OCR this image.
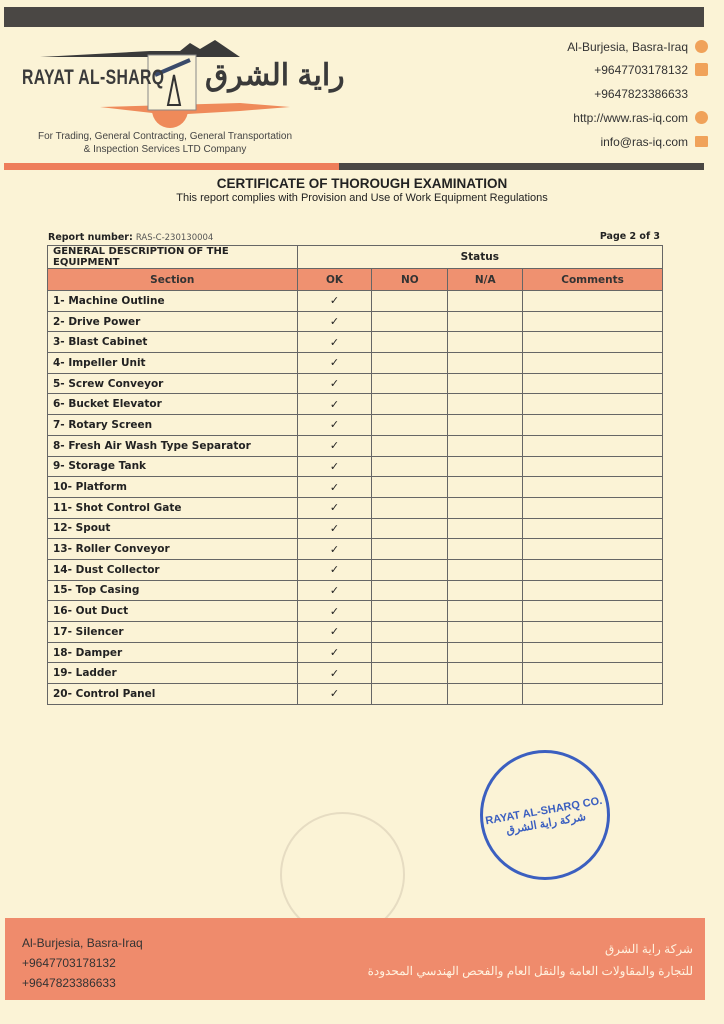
RAYAT AL-SHARQ راية الشرق
For Trading, General Contracting, General Transportation
& Inspection Services LTD Company
Al-Burjesia, Basra-Iraq
+9647703178132
+9647823386633
http://www.ras-iq.com
info@ras-iq.com
CERTIFICATE OF THOROUGH EXAMINATION
This report complies with Provision and Use of Work Equipment Regulations
Report number: RAS-C-230130004	Page 2 of 3
GENERAL DESCRIPTION OF THE EQUIPMENT	Status			
Section	OK	NO	N/A	Comments
1- Machine Outline	✓			
2- Drive Power	✓			
3- Blast Cabinet	✓			
4- Impeller Unit	✓			
5- Screw Conveyor	✓			
6- Bucket Elevator	✓			
7- Rotary Screen	✓			
8- Fresh Air Wash Type Separator	✓			
9- Storage Tank	✓			
10- Platform	✓			
11- Shot Control Gate	✓			
12- Spout	✓			
13- Roller Conveyor	✓			
14- Dust Collector	✓			
15- Top Casing	✓			
16- Out Duct	✓			
17- Silencer	✓			
18- Damper	✓			
19- Ladder	✓			
20- Control Panel	✓			
RAYAT AL-SHARQ CO. شركة راية الشرق
Al-Burjesia, Basra-Iraq
+9647703178132
+9647823386633
شركة راية الشرق
للتجارة والمقاولات العامة والنقل العام والفحص الهندسي المحدودة
